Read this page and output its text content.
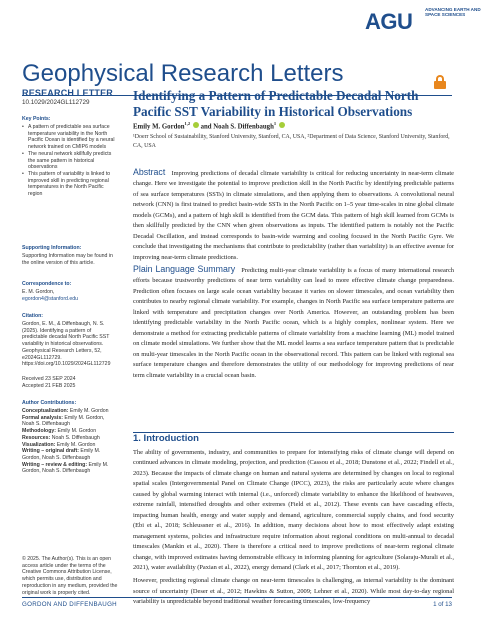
AGU	ADVANCING EARTH AND SPACE SCIENCES
Geophysical Research Letters
RESEARCH LETTER
10.1029/2024GL112729
Key Points:
• A pattern of predictable sea surface temperature variability in the North Pacific Ocean is identified by a neural network trained on CMIP6 models
• The neural network skillfully predicts the same pattern in historical observations
• This pattern of variability is linked to improved skill in predicting regional temperatures in the North Pacific region
Supporting Information:

Supporting Information may be found in the online version of this article.

Correspondence to:

E. M. Gordon,

egordon4@stanford.edu

Citation:

Gordon, E. M., & Diffenbaugh, N. S. (2025). Identifying a pattern of predictable decadal North Pacific SST variability in historical observations. Geophysical Research Letters, 52, e2024GL112729. https://doi.org/10.1029/2024GL112729

Received 23 SEP 2024

Accepted 21 FEB 2025

Author Contributions:

Conceptualization: Emily M. Gordon

Formal analysis: Emily M. Gordon, Noah S. Diffenbaugh

Methodology: Emily M. Gordon

Resources: Noah S. Diffenbaugh

Visualization: Emily M. Gordon

Writing – original draft: Emily M. Gordon, Noah S. Diffenbaugh

Writing – review & editing: Emily M. Gordon, Noah S. Diffenbaugh

© 2025. The Author(s). This is an open access article under the terms of the Creative Commons Attribution License, which permits use, distribution and reproduction in any medium, provided the original work is properly cited.

Identifying a Pattern of Predictable Decadal North Pacific SST Variability in Historical Observations
Emily M. Gordon$^{1,2}$ and Noah S. Diffenbaugh$^1$
¹Doerr School of Sustainability, Stanford University, Stanford, CA, USA, ²Department of Data Science, Stanford University, Stanford, CA, USA
Abstract Improving predictions of decadal climate variability is critical for reducing uncertainty in near-term climate change. Here we investigate the potential to improve prediction skill in the North Pacific by identifying predictable patterns of sea surface temperatures (SSTs) in climate simulations, and then applying them to observations. A convolutional neural network (CNN) is first trained to predict basin-wide SSTs in the North Pacific on 1–5 year time-scales in nine global climate models (GCMs), and a pattern of high skill is identified from the GCM data. This pattern of high skill learned from GCMs is then skillfully predicted by the CNN when given observations as inputs. The identified pattern is notably not the Pacific Decadal Oscillation, and instead corresponds to basin-wide warming and cooling focused in the North Pacific Gyre. We conclude that investigating the mechanisms that contribute to predictability (rather than variability) is an effective avenue for improving near-term climate predictions.
Plain Language Summary Predicting multi-year climate variability is a focus of many international research efforts because trustworthy predictions of near term variability can lead to more effective climate change preparedness. Prediction often focuses on large scale ocean variability because it varies on slower timescales, and ocean variability then contributes to nearby regional climate variability. For example, changes in North Pacific sea surface temperature patterns are linked with temperature and precipitation changes over North America. However, an outstanding problem has been identifying predictable variability in the North Pacific ocean, which is a highly complex, nonlinear system. Here we demonstrate a method for extracting predictable patterns of climate variability from a machine learning (ML) model trained on climate model simulations. We further show that the ML model learns a sea surface temperature pattern that is predictable on multi-year timescales in the North Pacific ocean in the observational record. This pattern can be linked with regional sea surface temperature changes and therefore demonstrates the utility of our methodology for improving predictions of near term climate variability in a crucial ocean basin.
1. Introduction

The ability of governments, industry, and communities to prepare for intensifying risks of climate change will depend on continued advances in climate modeling, projection, and prediction (Cassou et al., 2018; Dunstone et al., 2022; Findell et al., 2023). Because the impacts of climate change on human and natural systems are determined by changes on local to regional spatial scales (Intergovernmental Panel on Climate Change (IPCC), 2023), the risks are particularly acute where changes caused by global warming interact with internal (i.e., unforced) climate variability to enhance the likelihood of heatwaves, extreme rainfall, intensified droughts and other extremes (Field et al., 2012). These events can have cascading effects, impacting human health, energy and water supply and demand, agriculture, commercial supply chains, and food security (Ebi et al., 2018; Schleussner et al., 2016). In addition, many decisions about how to most effectively adapt existing management systems, policies and infrastructure require information about regional conditions on multi-annual to decadal timescales (Mankin et al., 2020). There is therefore a critical need to improve predictions of near-term regional climate change, with improved estimates having demonstrable efficacy in informing planning for agriculture (Solaraju-Murali et al., 2021), water availability (Paxian et al., 2022), energy demand (Clark et al., 2017; Thornton et al., 2019).

However, predicting regional climate change on near-term timescales is challenging, as internal variability is the dominant source of uncertainty (Deser et al., 2012; Hawkins & Sutton, 2009; Lehner et al., 2020). While most day-to-day regional variability is unpredictable beyond traditional weather forecasting timescales, low-frequency

GORDON AND DIFFENBAUGH	1 of 13
